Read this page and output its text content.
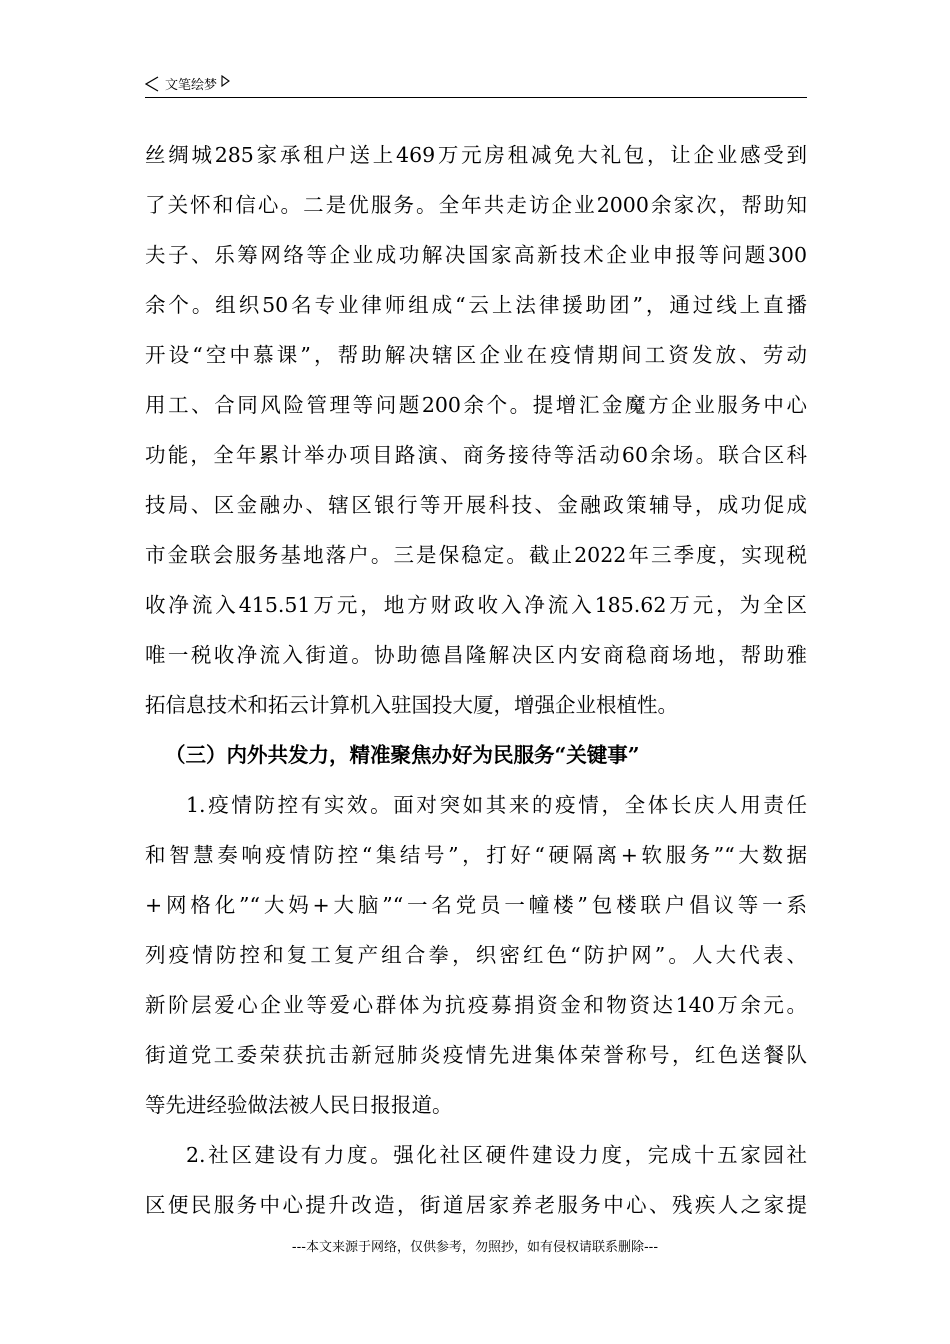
文笔绘梦
丝绸城285家承租户送上469万元房租减免大礼包，让企业感受到
了关怀和信心。二是优服务。全年共走访企业2000余家次，帮助知
夫子、乐筹网络等企业成功解决国家高新技术企业申报等问题300
余个。组织50名专业律师组成“云上法律援助团”，通过线上直播
开设“空中慕课”，帮助解决辖区企业在疫情期间工资发放、劳动
用工、合同风险管理等问题200余个。提增汇金魔方企业服务中心
功能，全年累计举办项目路演、商务接待等活动60余场。联合区科
技局、区金融办、辖区银行等开展科技、金融政策辅导，成功促成
市金联会服务基地落户。三是保稳定。截止2022年三季度，实现税
收净流入415.51万元，地方财政收入净流入185.62万元，为全区
唯一税收净流入街道。协助德昌隆解决区内安商稳商场地，帮助雅
拓信息技术和拓云计算机入驻国投大厦，增强企业根植性。
（三）内外共发力，精准聚焦办好为民服务“关键事”
1.疫情防控有实效。面对突如其来的疫情，全体长庆人用责任
和智慧奏响疫情防控“集结号”，打好“硬隔离+软服务”“大数据
+网格化”“大妈+大脑”“一名党员一幢楼”包楼联户倡议等一系
列疫情防控和复工复产组合拳，织密红色“防护网”。人大代表、
新阶层爱心企业等爱心群体为抗疫募捐资金和物资达140万余元。
街道党工委荣获抗击新冠肺炎疫情先进集体荣誉称号，红色送餐队
等先进经验做法被人民日报报道。
2.社区建设有力度。强化社区硬件建设力度，完成十五家园社
区便民服务中心提升改造，街道居家养老服务中心、残疾人之家提
---本文来源于网络，仅供参考，勿照抄，如有侵权请联系删除---
